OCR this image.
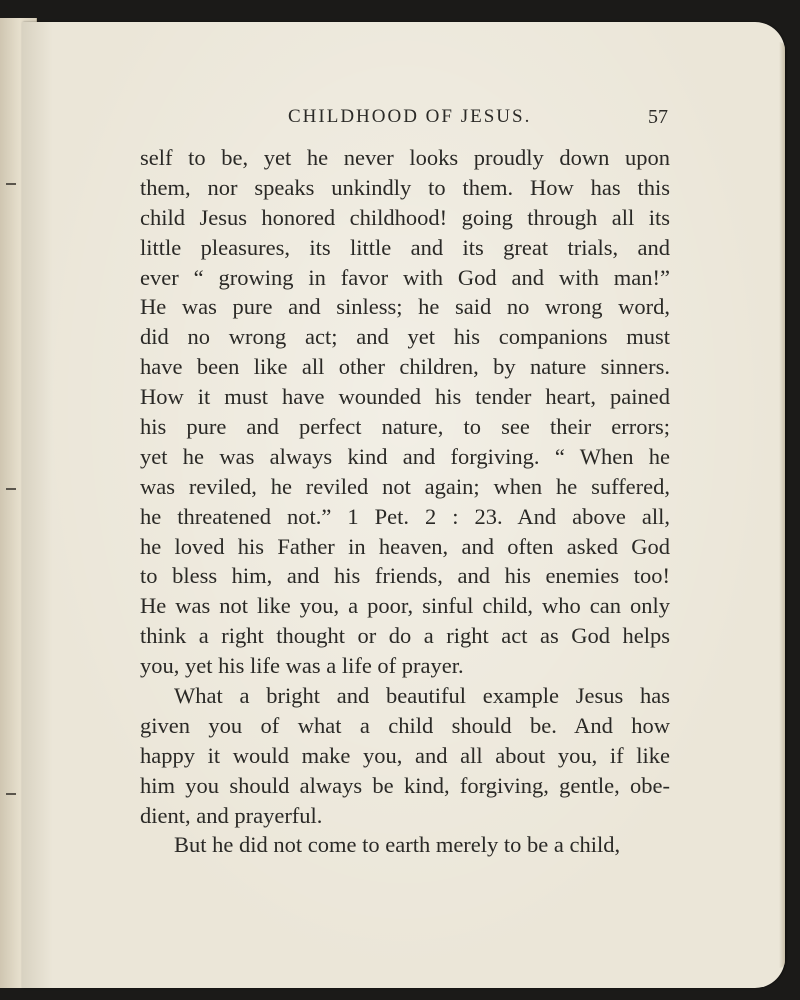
CHILDHOOD OF JESUS.	57
self to be, yet he never looks proudly down upon
them, nor speaks unkindly to them. How has this
child Jesus honored childhood! going through all its
little pleasures, its little and its great trials, and
ever “ growing in favor with God and with man!”
He was pure and sinless; he said no wrong word,
did no wrong act; and yet his companions must
have been like all other children, by nature sinners.
How it must have wounded his tender heart, pained
his pure and perfect nature, to see their errors;
yet he was always kind and forgiving. “ When he
was reviled, he reviled not again; when he suffered,
he threatened not.” 1 Pet. 2 : 23. And above all,
he loved his Father in heaven, and often asked God
to bless him, and his friends, and his enemies too!
He was not like you, a poor, sinful child, who can only
think a right thought or do a right act as God helps
you, yet his life was a life of prayer.
What a bright and beautiful example Jesus has
given you of what a child should be. And how
happy it would make you, and all about you, if like
him you should always be kind, forgiving, gentle, obe-
dient, and prayerful.
But he did not come to earth merely to be a child,
